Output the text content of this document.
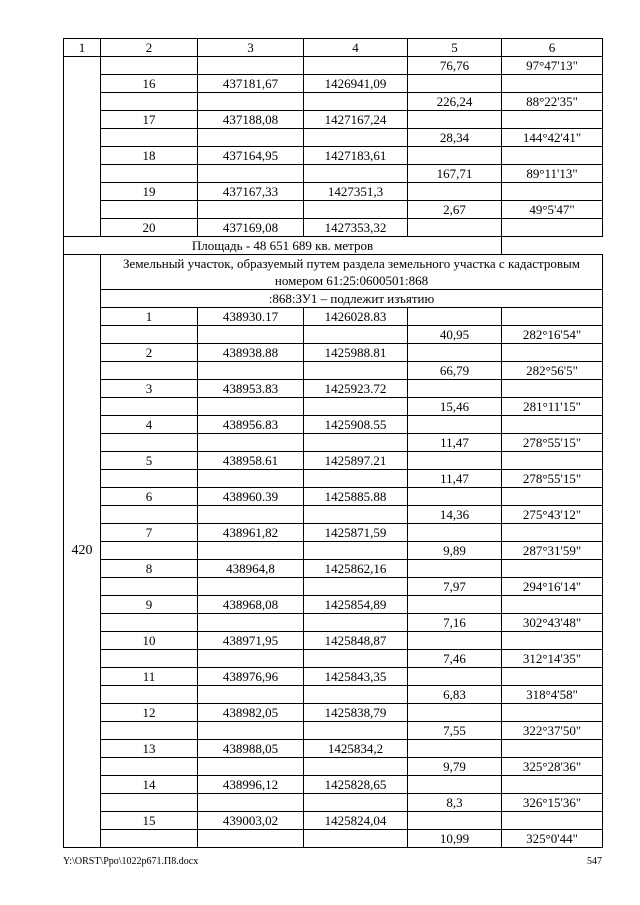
1	2	3	4	5	6
				76,76	97°47'13"
	16	437181,67	1426941,09		
				226,24	88°22'35"
	17	437188,08	1427167,24		
				28,34	144°42'41"
	18	437164,95	1427183,61		
				167,71	89°11'13"
	19	437167,33	1427351,3		
				2,67	49°5'47"
	20	437169,08	1427353,32		
Площадь - 48 651 689 кв. метров					
420	Земельный участок, образуемый путем раздела земельного участка с кадастровым номером 61:25:0600501:868				
	:868:ЗУ1 – подлежит изъятию				
	1	438930.17	1426028.83		
				40,95	282°16'54"
	2	438938.88	1425988.81		
				66,79	282°56'5"
	3	438953.83	1425923.72		
				15,46	281°11'15"
	4	438956.83	1425908.55		
				11,47	278°55'15"
	5	438958.61	1425897.21		
				11,47	278°55'15"
	6	438960.39	1425885.88		
				14,36	275°43'12"
	7	438961,82	1425871,59		
				9,89	287°31'59"
	8	438964,8	1425862,16		
				7,97	294°16'14"
	9	438968,08	1425854,89		
				7,16	302°43'48"
	10	438971,95	1425848,87		
				7,46	312°14'35"
	11	438976,96	1425843,35		
				6,83	318°4'58"
	12	438982,05	1425838,79		
				7,55	322°37'50"
	13	438988,05	1425834,2		
				9,79	325°28'36"
	14	438996,12	1425828,65		
				8,3	326°15'36"
	15	439003,02	1425824,04		
				10,99	325°0'44"
Y:\ORST\Ppo\1022p671.П8.docx	547
